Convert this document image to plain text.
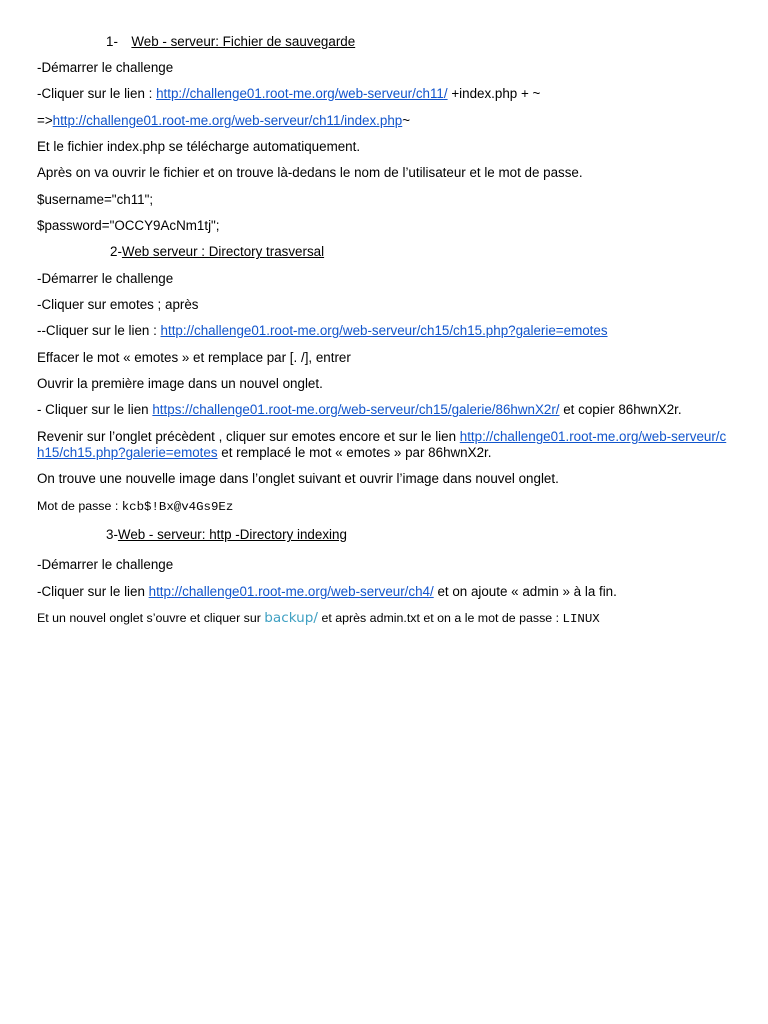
1- Web - serveur: Fichier de sauvegarde
-Démarrer le challenge
-Cliquer sur le lien : http://challenge01.root-me.org/web-serveur/ch11/ +index.php + ~
=>http://challenge01.root-me.org/web-serveur/ch11/index.php~
Et le fichier index.php se télécharge automatiquement.
Après on va ouvrir le fichier et on trouve là-dedans le nom de l’utilisateur et le mot de passe.
$username="ch11";
$password="OCCY9AcNm1tj";
2-Web serveur : Directory trasversal
-Démarrer le challenge
-Cliquer sur emotes ; après
--Cliquer sur le lien : http://challenge01.root-me.org/web-serveur/ch15/ch15.php?galerie=emotes
Effacer le mot « emotes » et remplace par [. /], entrer
Ouvrir la première image dans un nouvel onglet.
- Cliquer sur le lien https://challenge01.root-me.org/web-serveur/ch15/galerie/86hwnX2r/ et copier 86hwnX2r.
Revenir sur l’onglet précèdent , cliquer sur emotes encore et sur le lien http://challenge01.root-me.org/web-serveur/ch15/ch15.php?galerie=emotes et remplacé le mot « emotes » par 86hwnX2r.
On trouve une nouvelle image dans l’onglet suivant et ouvrir l’image dans nouvel onglet.
Mot de passe : kcb$!Bx@v4Gs9Ez
3-Web - serveur: http -Directory indexing
-Démarrer le challenge
-Cliquer sur le lien http://challenge01.root-me.org/web-serveur/ch4/ et on ajoute « admin » à la fin.
Et un nouvel onglet s’ouvre et cliquer sur backup/ et après admin.txt et on a le mot de passe : LINUX
